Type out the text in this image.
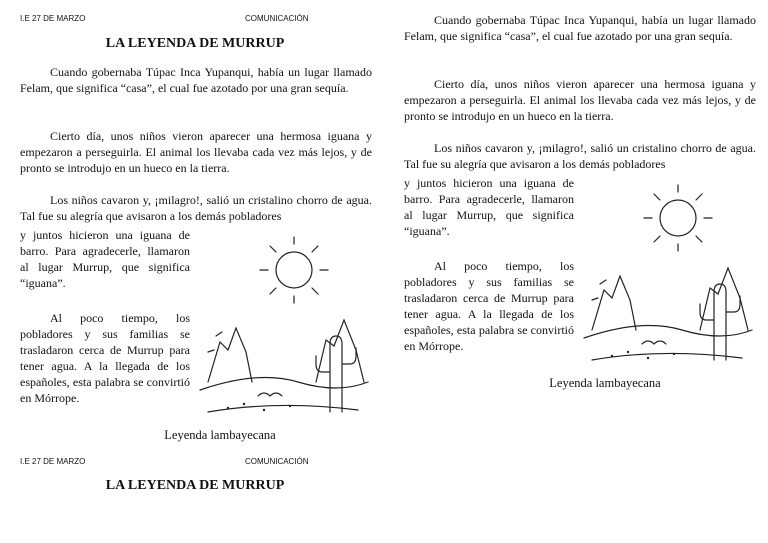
I.E 27 DE MARZO	COMUNICACIÓN
LA LEYENDA DE MURRUP

Cuando gobernaba Túpac Inca Yupanqui, había un lugar llamado Felam, que significa “casa”, el cual fue azotado por una gran sequía.

Cierto día, unos niños vieron aparecer una hermosa iguana y empezaron a perseguirla. El animal los llevaba cada vez más lejos, y de pronto se introdujo en un hueco en la tierra.

Los niños cavaron y, ¡milagro!, salió un cristalino chorro de agua. Tal fue su alegría que avisaron a los demás pobladores

y juntos hicieron una iguana de barro. Para agradecerle, llamaron al lugar Murrup, que significa “iguana”.

Al poco tiempo, los pobladores y sus familias se trasladaron cerca de Murrup para tener agua. A la llegada de los españoles, esta palabra se convirtió en Mórrope.

Leyenda lambayecana
I.E 27 DE MARZO	COMUNICACIÓN
LA LEYENDA DE MURRUP

Cuando gobernaba Túpac Inca Yupanqui, había un lugar llamado Felam, que significa “casa”, el cual fue azotado por una gran sequía.

Cierto día, unos niños vieron aparecer una hermosa iguana y empezaron a perseguirla. El animal los llevaba cada vez más lejos, y de pronto se introdujo en un hueco en la tierra.

Los niños cavaron y, ¡milagro!, salió un cristalino chorro de agua. Tal fue su alegría que avisaron a los demás pobladores

y juntos hicieron una iguana de barro. Para agradecerle, llamaron al lugar Murrup, que significa “iguana”.

Al poco tiempo, los pobladores y sus familias se trasladaron cerca de Murrup para tener agua. A la llegada de los españoles, esta palabra se convirtió en Mórrope.

Leyenda lambayecana
